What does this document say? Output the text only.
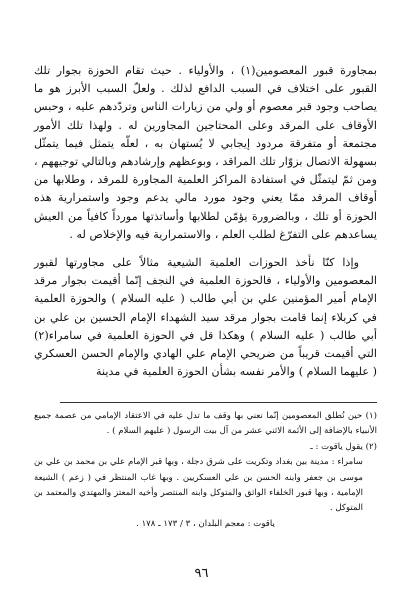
بمجاورة قبور المعصومين(١) ، والأولياء . حيث تقام الحوزة بجوار تلك القبور على اختلاف في السبب الدافع لذلك . ولعلّ السبب الأبرز هو ما يصاحب وجود قبر معصوم أو ولي من زيارات الناس وتردّدهم عليه ، وحبس الأوقاف على المرقد وعلى المحتاجين المجاورين له . ولهذا تلك الأمور مجتمعة أو متفرقة مردود إيجابي لا يُستهان به ، لعلّه يتمثل فيما يتمثّل بسهولة الاتصال بزوّار تلك المراقد ، وبوعظهم وإرشادهم وبالتالي توجيههم ، ومن ثمّ ليتمثّل في استفادة المراكز العلمية المجاورة للمرقد ، وطلابها من أوقاف المرقد ممّا يعني وجود مورد مالي يدعم وجود واستمرارية هذه الحوزة أو تلك ، وبالضرورة يؤمّن لطلابها وأساتذتها مورداً كافياً من العيش يساعدهم على التفرّغ لطلب العلم ، والاستمرارية فيه والإخلاص له .

وإذا كنّا نأخذ الحوزات العلمية الشيعية مثالاً على مجاورتها لقبور المعصومين والأولياء ، فالحوزة العلمية في النجف إنّما أقيمت بجوار مرقد الإمام أمير المؤمنين علي بن أبي طالب ( عليه السلام ) والحوزة العلمية في كربلاء إنما قامت بجوار مرقد سيد الشهداء الإمام الحسين بن علي بن أبي طالب ( عليه السلام ) وهكذا قل في الحوزة العلمية في سامراء(٢) التي أقيمت قريباً من ضريحي الإمام علي الهادي والإمام الحسن العسكري ( عليهما السلام ) والأمر نفسه بشأن الحوزة العلمية في مدينة

(١) حين نُطلق المعصومين إنّما نعني بها وقف ما تدل عليه في الاعتقاد الإمامي من عصمة جميع الأنبياء بالإضافة إلى الأئمة الاثني عشر من آل بيت الرسول ( عليهم السلام ) .

(٢) يقول ياقوت : ـ

سامراء : مدينة بين بغداد وتكريت على شرق دجلة ، وبها قبر الإمام علي بن محمد بن علي بن موسى بن جعفر وابنه الحسن بن علي العسكريين . وبها غاب المنتظر في ( زعم ) الشيعة الإمامية ، وبها قبور الخلفاء الواثق والمتوكل وابنه المنتصر وأخيه المعتز والمهتدي والمعتمد بن المتوكل .

ياقوت : معجم البلدان ، ٣ / ١٧٣ ـ ١٧٨ .

٩٦
